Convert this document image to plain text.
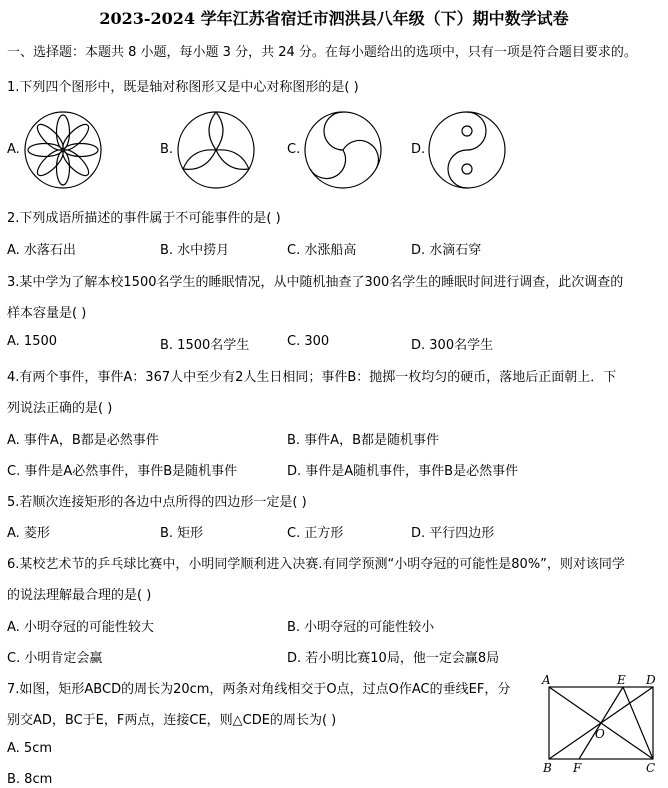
2023-2024 学年江苏省宿迁市泗洪县八年级（下）期中数学试卷
一、选择题：本题共 8 小题，每小题 3 分，共 24 分。在每小题给出的选项中，只有一项是符合题目要求的。
1.下列四个图形中，既是轴对称图形又是中心对称图形的是( )
A.	B.	C.	D.
2.下列成语所描述的事件属于不可能事件的是( )
A. 水落石出	B. 水中捞月	C. 水涨船高	D. 水滴石穿
3.某中学为了解本校1500名学生的睡眠情况，从中随机抽查了300名学生的睡眠时间进行调查，此次调查的
样本容量是( )
A. 1500	B. 1500名学生	C. 300	D. 300名学生
4.有两个事件，事件A：367人中至少有2人生日相同；事件B：抛掷一枚均匀的硬币，落地后正面朝上．下
列说法正确的是( )
A. 事件A，B都是必然事件	B. 事件A，B都是随机事件
C. 事件是A必然事件，事件B是随机事件	D. 事件是A随机事件，事件B是必然事件
5.若顺次连接矩形的各边中点所得的四边形一定是( )
A. 菱形	B. 矩形	C. 正方形	D. 平行四边形
6.某校艺术节的乒乓球比赛中，小明同学顺利进入决赛.有同学预测“小明夺冠的可能性是80%”，则对该同学
的说法理解最合理的是( )
A. 小明夺冠的可能性较大	B. 小明夺冠的可能性较小
C. 小明肯定会赢	D. 若小明比赛10局，他一定会赢8局
7.如图，矩形ABCD的周长为20cm，两条对角线相交于O点，过点O作AC的垂线EF，分
别交AD，BC于E，F两点，连接CE，则△CDE的周长为( )
A. 5cm
B. 8cm
A	E D
O
B F	C
